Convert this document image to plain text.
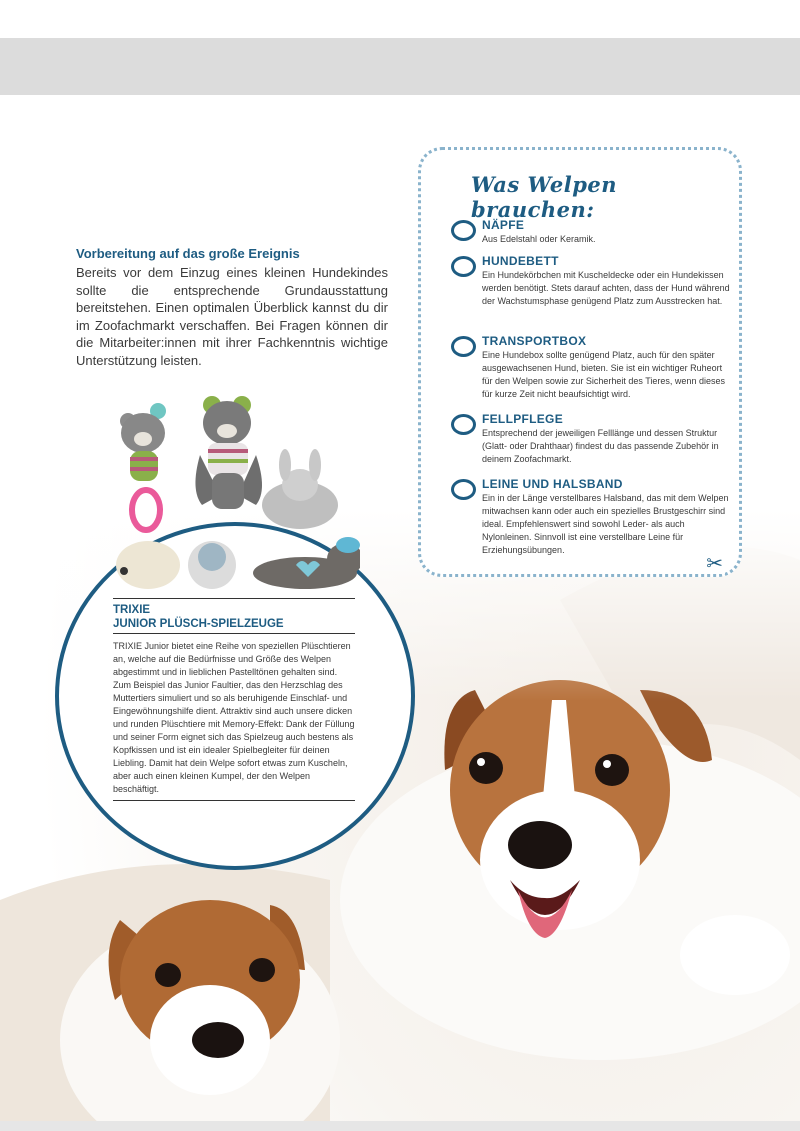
Vorbereitung auf das große Ereignis

Bereits vor dem Einzug eines kleinen Hundekindes sollte die entsprechende Grundausstattung bereitstehen. Einen optimalen Überblick kannst du dir im Zoofachmarkt verschaffen. Bei Fragen können dir die Mitarbeiter:innen mit ihrer Fachkenntnis wichtige Unterstützung leisten.

Was Welpen brauchen:
NÄPFE
Aus Edelstahl oder Keramik.
HUNDEBETT
Ein Hundekörbchen mit Kuscheldecke oder ein Hundekissen werden benötigt. Stets darauf achten, dass der Hund während der Wachstumsphase genügend Platz zum Ausstrecken hat.
TRANSPORTBOX
Eine Hundebox sollte genügend Platz, auch für den später ausgewachsenen Hund, bieten. Sie ist ein wichtiger Ruheort für den Welpen sowie zur Sicherheit des Tieres, wenn dieses für kurze Zeit nicht beaufsichtigt wird.
FELLPFLEGE
Entsprechend der jeweiligen Felllänge und dessen Struktur (Glatt- oder Drahthaar) findest du das passende Zubehör in deinem Zoofachmarkt.
LEINE UND HALSBAND
Ein in der Länge verstellbares Halsband, das mit dem Welpen mitwachsen kann oder auch ein spezielles Brustgeschirr sind ideal. Empfehlenswert sind sowohl Leder- als auch Nylonleinen. Sinnvoll ist eine verstellbare Leine für Erziehungsübungen.
✂
TRIXIE
JUNIOR PLÜSCH-SPIELZEUGE
TRIXIE Junior bietet eine Reihe von speziellen Plüschtieren an, welche auf die Bedürfnisse und Größe des Welpen abgestimmt und in lieblichen Pastelltönen gehalten sind. Zum Beispiel das Junior Faultier, das den Herzschlag des Muttertiers simuliert und so als beruhigende Einschlaf- und Eingewöhnungshilfe dient. Attraktiv sind auch unsere dicken und runden Plüschtiere mit Memory-Effekt: Dank der Füllung und seiner Form eignet sich das Spielzeug auch bestens als Kopfkissen und ist ein idealer Spielbegleiter für deinen Liebling. Damit hat dein Welpe sofort etwas zum Kuscheln, aber auch einen kleinen Kumpel, der den Welpen beschäftigt.
